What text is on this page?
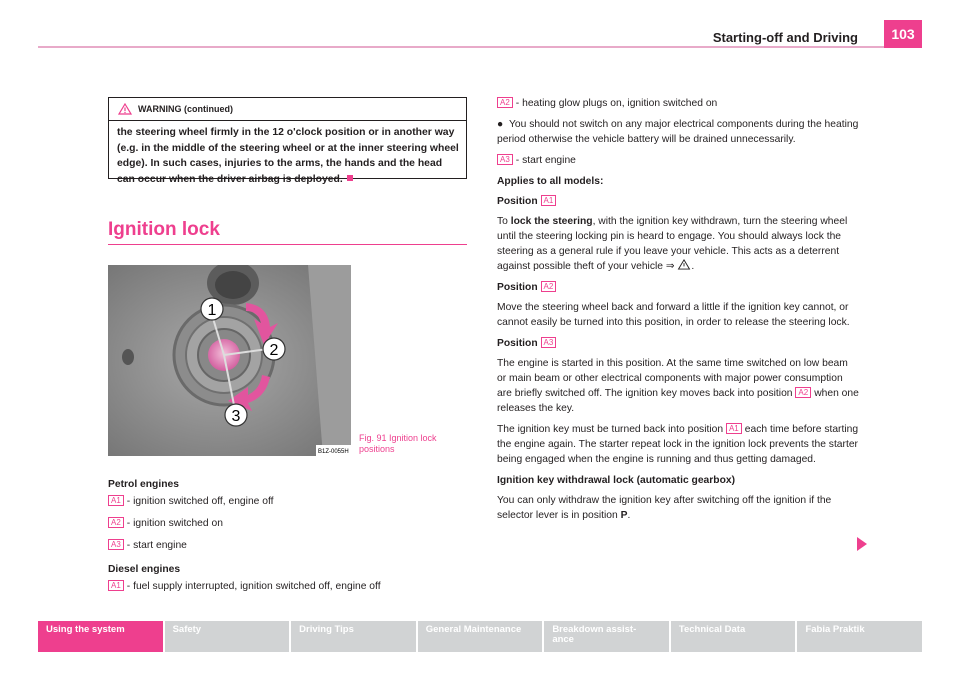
Starting-off and Driving	103
WARNING (continued)
the steering wheel firmly in the 12 o'clock position or in another way (e.g. in the middle of the steering wheel or at the inner steering wheel edge). In such cases, injuries to the arms, the hands and the head can occur when the driver airbag is deployed.
Ignition lock
1
2
3
B1Z-0055H
Fig. 91 Ignition lock
positions
Petrol engines
A1 - ignition switched off, engine off
A2 - ignition switched on
A3 - start engine
Diesel engines
A1 - fuel supply interrupted, ignition switched off, engine off
A2 - heating glow plugs on, ignition switched on
●  You should not switch on any major electrical components during the heating period otherwise the vehicle battery will be drained unnecessarily.
A3 - start engine
Applies to all models:
Position A1
To lock the steering, with the ignition key withdrawn, turn the steering wheel until the steering locking pin is heard to engage. You should always lock the steering as a general rule if you leave your vehicle. This acts as a deterrent against possible theft of your vehicle ⇒ .
Position A2
Move the steering wheel back and forward a little if the ignition key cannot, or cannot easily be turned into this position, in order to release the steering lock.
Position A3
The engine is started in this position. At the same time switched on low beam or main beam or other electrical components with major power consumption are briefly switched off. The ignition key moves back into position A2 when one releases the key.
The ignition key must be turned back into position A1 each time before starting the engine again. The starter repeat lock in the ignition lock prevents the starter being engaged when the engine is running and thus getting damaged.
Ignition key withdrawal lock (automatic gearbox)
You can only withdraw the ignition key after switching off the ignition if the selector lever is in position P.
Using the system	Safety	Driving Tips	General Maintenance	Breakdown assist-
ance
Technical Data	Fabia Praktik
